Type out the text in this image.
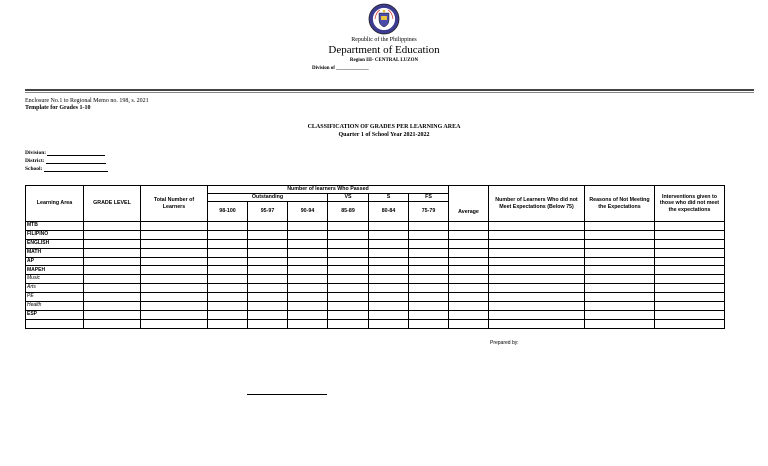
Republic of the Philippines
Department of Education
Region III- CENTRAL LUZON
Division of _____________
Enclosure No.1 to Regional Memo no. 198, s. 2021
Template for Grades 1-10
CLASSIFICATION OF GRADES PER LEARNING AREA
Quarter 1 of School Year 2021-2022
Division:
District:
School:
Learning Area	GRADE LEVEL	Total Number of Learners	Number of learners Who Passed						Average	Number of Learners Who did not Meet Expectations (Below 75)	Reasons of Not Meeting the Expectations	Interventions given to those who did not meet the expectations
			Outstanding			VS	S	FS				
			98-100	95-97	90-94	85-89	80-84	75-79				
MTB												
FILIPINO												
ENGLISH												
MATH												
AP												
MAPEH												
Music												
Arts												
PE												
Health												
ESP												

Prepared by:
